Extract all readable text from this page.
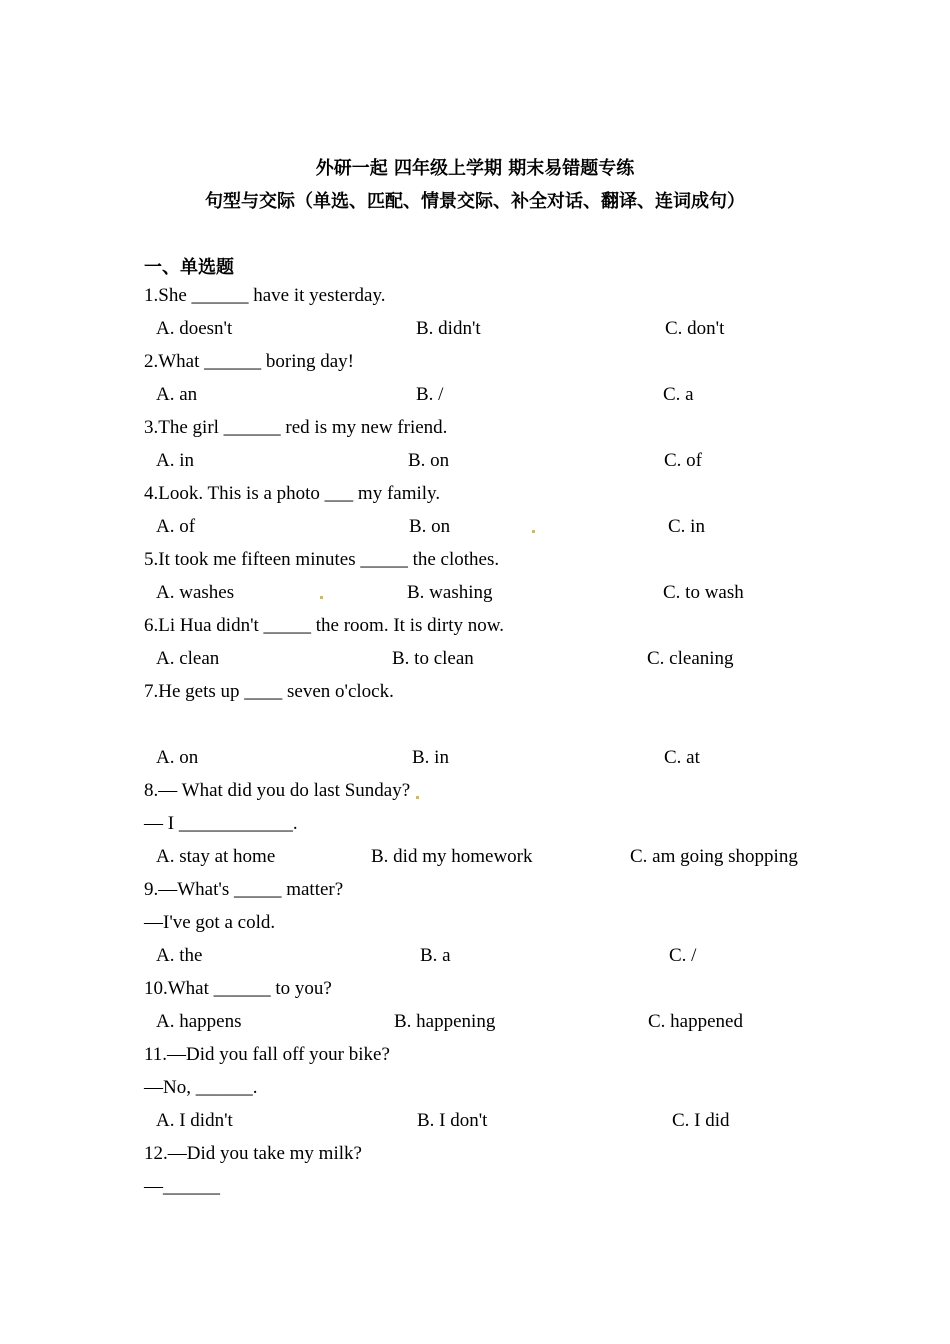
外研一起 四年级上学期 期末易错题专练
句型与交际（单选、匹配、情景交际、补全对话、翻译、连词成句）
一、单选题
1.She ______ have it yesterday.
A. doesn't	B. didn't	C. don't
2.What ______ boring day!
A. an	B. /	C. a
3.The girl ______ red is my new friend.
A. in	B. on	C. of
4.Look. This is a photo ___ my family.
A. of	B. on	C. in
5.It took me fifteen minutes _____ the clothes.
A. washes	B. washing	C. to wash
6.Li Hua didn't _____ the room. It is dirty now.
A. clean	B. to clean	C. cleaning
7.He gets up ____ seven o'clock.
A. on	B. in	C. at
8.— What did you do last Sunday?
— I ____________.
A. stay at home	B. did my homework	C. am going shopping
9.—What's _____ matter?
—I've got a cold.
A. the	B. a	C. /
10.What ______ to you?
A. happens	B. happening	C. happened
11.—Did you fall off your bike?
—No, ______.
A. I didn't	B. I don't	C. I did
12.—Did you take my milk?
—______
